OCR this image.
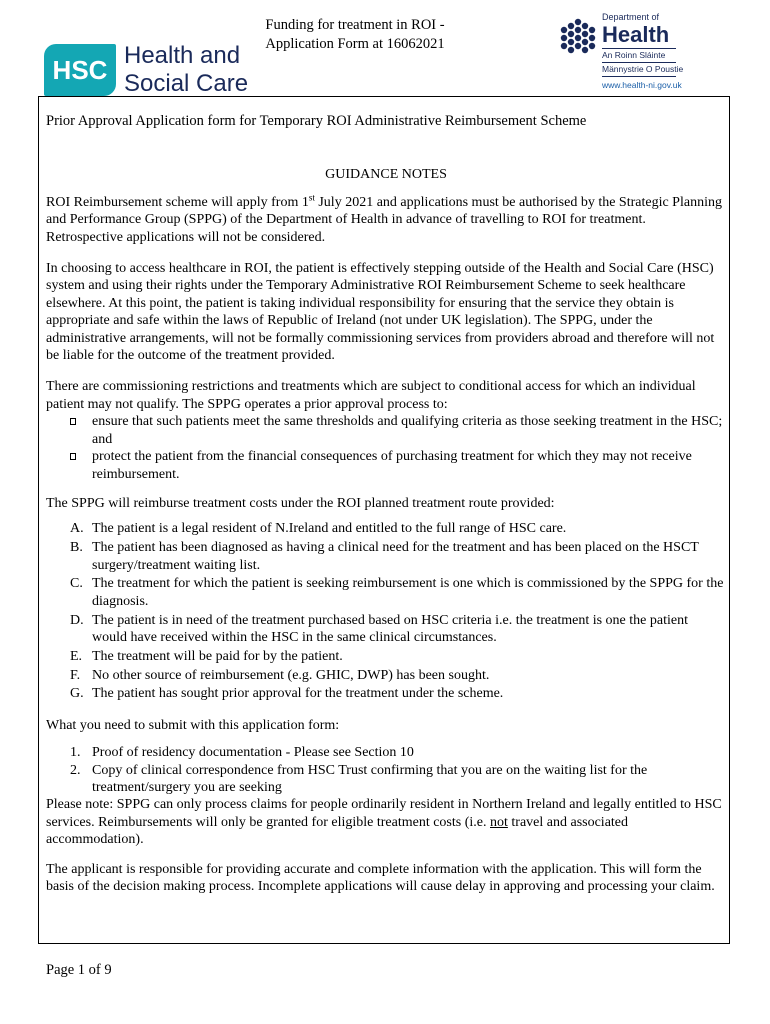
HSC Health and
Social Care
Funding for treatment in ROI -
Application Form at 16062021
Department of
Health
An Roinn Sláinte
Männystrie O Poustie
www.health-ni.gov.uk

Prior Approval Application form for Temporary ROI Administrative Reimbursement Scheme

GUIDANCE NOTES

ROI Reimbursement scheme will apply from 1st July 2021 and applications must be authorised by the Strategic Planning and Performance Group (SPPG) of the Department of Health in advance of travelling to ROI for treatment. Retrospective applications will not be considered.

In choosing to access healthcare in ROI, the patient is effectively stepping outside of the Health and Social Care (HSC) system and using their rights under the Temporary Administrative ROI Reimbursement Scheme to seek healthcare elsewhere. At this point, the patient is taking individual responsibility for ensuring that the service they obtain is appropriate and safe within the laws of Republic of Ireland (not under UK legislation). The SPPG, under the administrative arrangements, will not be formally commissioning services from providers abroad and therefore will not be liable for the outcome of the treatment provided.

There are commissioning restrictions and treatments which are subject to conditional access for which an individual patient may not qualify. The SPPG operates a prior approval process to:

ensure that such patients meet the same thresholds and qualifying criteria as those seeking treatment in the HSC; and
protect the patient from the financial consequences of purchasing treatment for which they may not receive reimbursement.

The SPPG will reimburse treatment costs under the ROI planned treatment route provided:

A. The patient is a legal resident of N.Ireland and entitled to the full range of HSC care.
B. The patient has been diagnosed as having a clinical need for the treatment and has been placed on the HSCT surgery/treatment waiting list.
C. The treatment for which the patient is seeking reimbursement is one which is commissioned by the SPPG for the diagnosis.
D. The patient is in need of the treatment purchased based on HSC criteria i.e. the treatment is one the patient would have received within the HSC in the same clinical circumstances.
E. The treatment will be paid for by the patient.
F. No other source of reimbursement (e.g. GHIC, DWP) has been sought.
G. The patient has sought prior approval for the treatment under the scheme.

What you need to submit with this application form:

1. Proof of residency documentation - Please see Section 10
2. Copy of clinical correspondence from HSC Trust confirming that you are on the waiting list for the treatment/surgery you are seeking

Please note: SPPG can only process claims for people ordinarily resident in Northern Ireland and legally entitled to HSC services. Reimbursements will only be granted for eligible treatment costs (i.e. not travel and associated accommodation).

The applicant is responsible for providing accurate and complete information with the application. This will form the basis of the decision making process. Incomplete applications will cause delay in approving and processing your claim.

Page 1 of 9
